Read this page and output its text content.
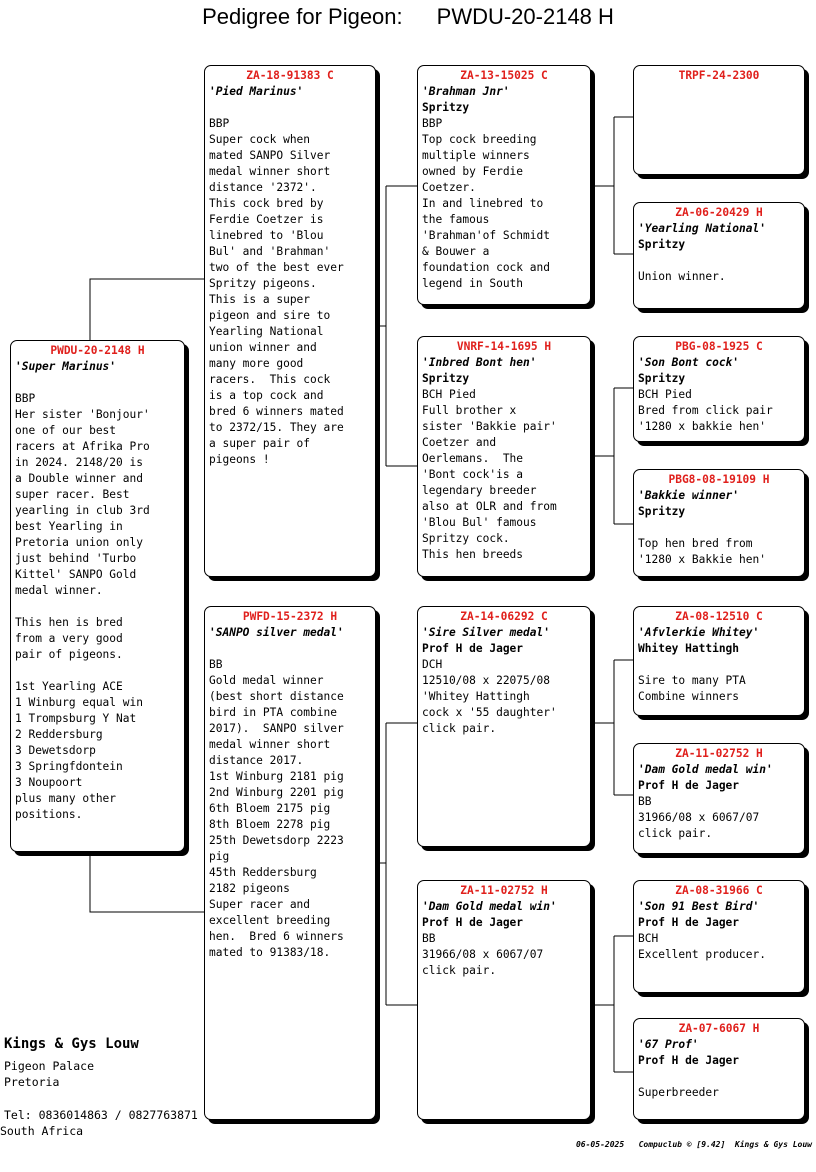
Pedigree for Pigeon: PWDU-20-2148 H
PWDU-20-2148 H
'Super Marinus'
BBP
Her sister 'Bonjour'
one of our best
racers at Afrika Pro
in 2024. 2148/20 is
a Double winner and
super racer. Best
yearling in club 3rd
best Yearling in
Pretoria union only
just behind 'Turbo
Kittel' SANPO Gold
medal winner.
This hen is bred
from a very good
pair of pigeons.
1st Yearling ACE
1 Winburg equal win
1 Trompsburg Y Nat
2 Reddersburg
3 Dewetsdorp
3 Springfdontein
3 Noupoort
plus many other
positions.
ZA-18-91383 C
'Pied Marinus'
BBP
Super cock when
mated SANPO Silver
medal winner short
distance '2372'.
This cock bred by
Ferdie Coetzer is
linebred to 'Blou
Bul' and 'Brahman'
two of the best ever
Spritzy pigeons.
This is a super
pigeon and sire to
Yearling National
union winner and
many more good
racers.  This cock
is a top cock and
bred 6 winners mated
to 2372/15. They are
a super pair of
pigeons !
PWFD-15-2372 H
'SANPO silver medal'
BB
Gold medal winner
(best short distance
bird in PTA combine
2017).  SANPO silver
medal winner short
distance 2017.
1st Winburg 2181 pig
2nd Winburg 2201 pig
6th Bloem 2175 pig
8th Bloem 2278 pig
25th Dewetsdorp 2223
pig
45th Reddersburg
2182 pigeons
Super racer and
excellent breeding
hen.  Bred 6 winners
mated to 91383/18.
ZA-13-15025 C
'Brahman Jnr'
Spritzy
BBP
Top cock breeding
multiple winners
owned by Ferdie
Coetzer.
In and linebred to
the famous
'Brahman'of Schmidt
& Bouwer a
foundation cock and
legend in South
VNRF-14-1695 H
'Inbred Bont hen'
Spritzy
BCH Pied
Full brother x
sister 'Bakkie pair'
Coetzer and
Oerlemans.  The
'Bont cock'is a
legendary breeder
also at OLR and from
'Blou Bul' famous
Spritzy cock.
This hen breeds
ZA-14-06292 C
'Sire Silver medal'
Prof H de Jager
DCH
12510/08 x 22075/08
'Whitey Hattingh
cock x '55 daughter'
click pair.
ZA-11-02752 H
'Dam Gold medal win'
Prof H de Jager
BB
31966/08 x 6067/07
click pair.
TRPF-24-2300
ZA-06-20429 H
'Yearling National'
Spritzy
Union winner.
PBG-08-1925 C
'Son Bont cock'
Spritzy
BCH Pied
Bred from click pair
'1280 x bakkie hen'
PBG8-08-19109 H
'Bakkie winner'
Spritzy
Top hen bred from
'1280 x Bakkie hen'
ZA-08-12510 C
'Afvlerkie Whitey'
Whitey Hattingh
Sire to many PTA
Combine winners
ZA-11-02752 H
'Dam Gold medal win'
Prof H de Jager
BB
31966/08 x 6067/07
click pair.
ZA-08-31966 C
'Son 91 Best Bird'
Prof H de Jager
BCH
Excellent producer.
ZA-07-6067 H
'67 Prof'
Prof H de Jager
Superbreeder
Kings & Gys Louw
Pigeon Palace
Pretoria
Tel: 0836014863 / 0827763871
South Africa
06-05-2025   Compuclub © [9.42]  Kings & Gys Louw
